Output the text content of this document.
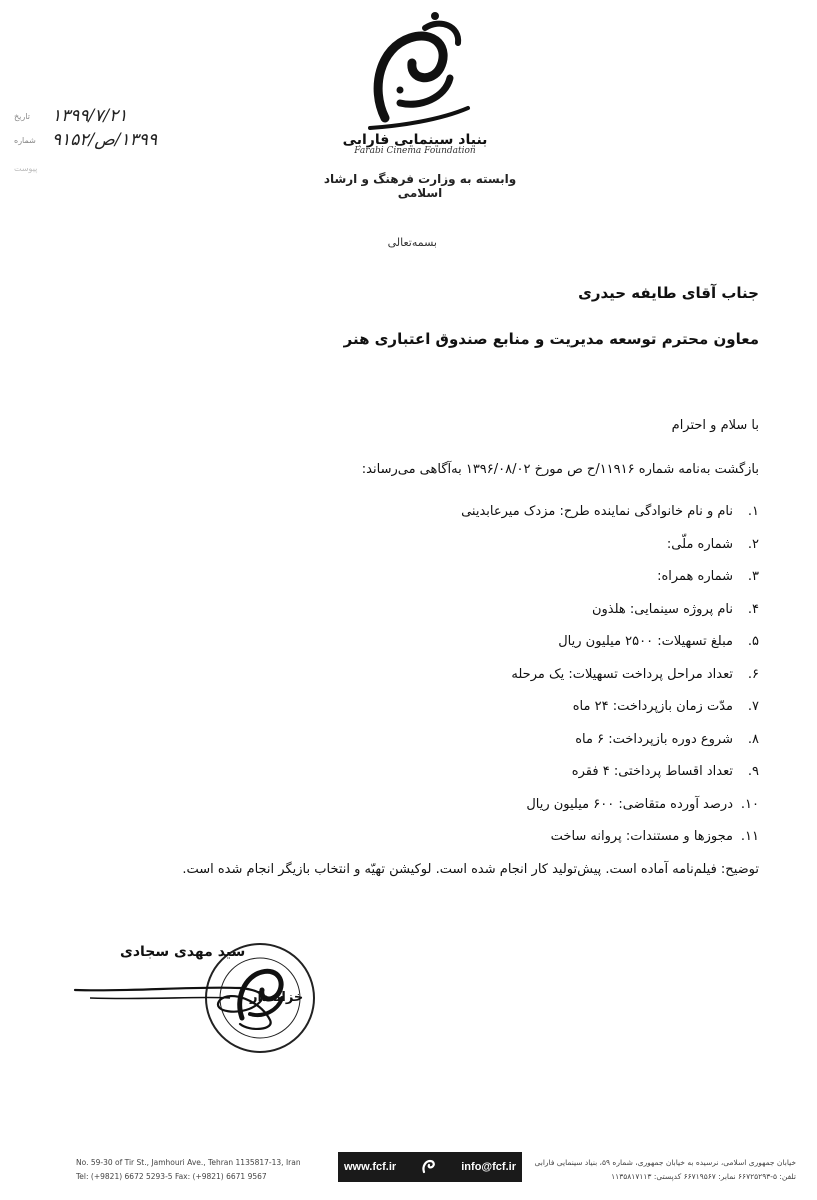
بنیاد سینمایی فارابی
Farabi Cinema Foundation
وابسته به وزارت فرهنگ و ارشاد اسلامی
تاریخ	۱۳۹۹/۷/۲۱
شماره ۱۳۹۹/ص/۹۱۵۲
پیوست
بسمه‌تعالی
جناب آقای طایفه حیدری
معاون محترم توسعه مدیریت و منابع صندوق اعتباری هنر
با سلام و احترام
بازگشت به‌نامه شماره ۱۱۹۱۶/ح ص مورخ ۱۳۹۶/۰۸/۰۲ به‌آگاهی می‌رساند:
۱.نام و نام خانوادگی نماینده طرح: مزدک میرعابدینی
۲.شماره ملّی:
۳.شماره همراه:
۴.نام پروژه سینمایی: هلذون
۵.مبلغ تسهیلات: ۲۵۰۰ میلیون ریال
۶.تعداد مراحل پرداخت تسهیلات: یک مرحله
۷.مدّت زمان بازپرداخت: ۲۴ ماه
۸.شروع دوره بازپرداخت: ۶ ماه
۹.تعداد اقساط پرداختی: ۴ فقره
۱۰.درصد آورده متقاضی: ۶۰۰ میلیون ریال
۱۱.مجوزها و مستندات: پروانه ساخت
توضیح: فیلم‌نامه آماده است. پیش‌تولید کار انجام شده است. لوکیشن تهیّه و انتخاب بازیگر انجام شده است.
سید مهدی سجادی
خزانه‌دار
No. 59-30 of Tir St., Jamhouri Ave., Tehran 1135817-13, Iran
Tel: (+9821) 6672 5293-5 Fax: (+9821) 6671 9567
www.fcf.ir	info@fcf.ir	خیابان جمهوری اسلامی، نرسیده به خیابان جمهوری، شماره ۵۹، بنیاد سینمایی فارابی
تلفن: ۵-۶۶۷۲۵۲۹۳ نمابر: ۶۶۷۱۹۵۶۷ کدپستی: ۱۱۳۵۸۱۷۱۱۳
